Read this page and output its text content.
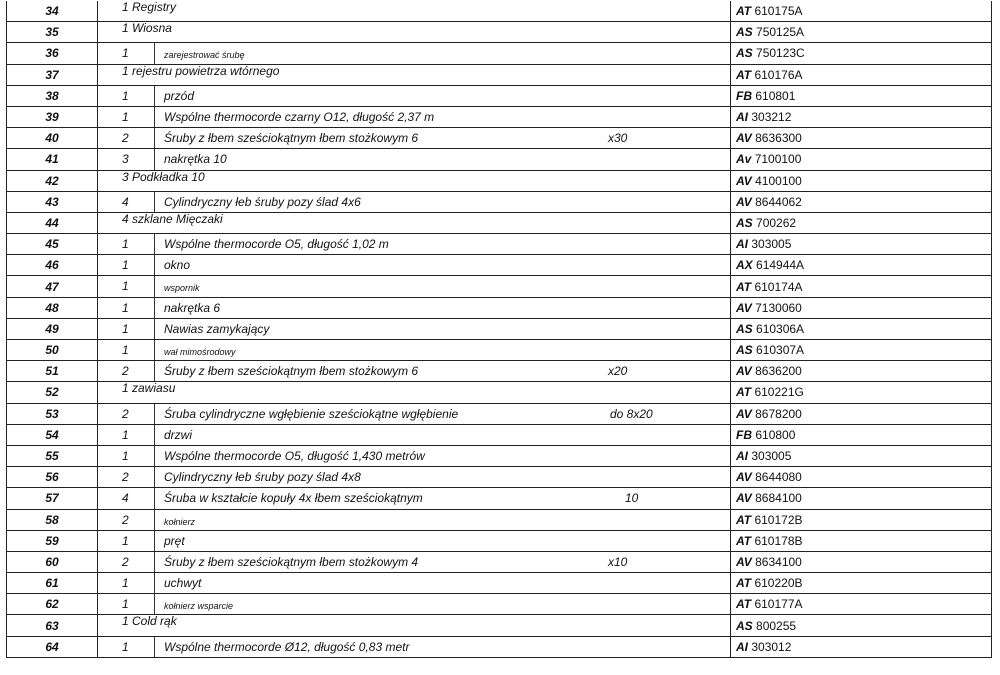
34	1 Registry	AT 610175A
35	1 Wiosna	AS 750125A
36	1 zarejestrować śrubę	AS 750123C
37	1 rejestru powietrza wtórnego	AT 610176A
38	1 przód	FB 610801
39	1 Wspólne thermocorde czarny O12, długość 2,37 m	AI 303212
40	2 Śruby z łbem sześciokątnym łbem stożkowym 6 x30	AV 8636300
41	3 nakrętka 10	Av 7100100
42	3 Podkładka 10	AV 4100100
43	4 Cylindryczny łeb śruby pozy ślad 4x6	AV 8644062
44	4 szklane Mięczaki	AS 700262
45	1 Wspólne thermocorde O5, długość 1,02 m	AI 303005
46	1 okno	AX 614944A
47	1 wspornik	AT 610174A
48	1 nakrętka 6	AV 7130060
49	1 Nawias zamykający	AS 610306A
50	1 wał mimośrodowy	AS 610307A
51	2 Śruby z łbem sześciokątnym łbem stożkowym 6 x20	AV 8636200
52	1 zawiasu	AT 610221G
53	2 Śruba cylindryczne wgłębienie sześciokątne wgłębienie do 8x20	AV 8678200
54	1 drzwi	FB 610800
55	1 Wspólne thermocorde O5, długość 1,430 metrów	AI 303005
56	2 Cylindryczny łeb śruby pozy ślad 4x8	AV 8644080
57	4 Śruba w kształcie kopuły 4x łbem sześciokątnym 10	AV 8684100
58	2 kołnierz	AT 610172B
59	1 pręt	AT 610178B
60	2 Śruby z łbem sześciokątnym łbem stożkowym 4 x10	AV 8634100
61	1 uchwyt	AT 610220B
62	1 kołnierz wsparcie	AT 610177A
63	1 Cold rąk	AS 800255
64	1 Wspólne thermocorde Ø12, długość 0,83 metr	AI 303012
